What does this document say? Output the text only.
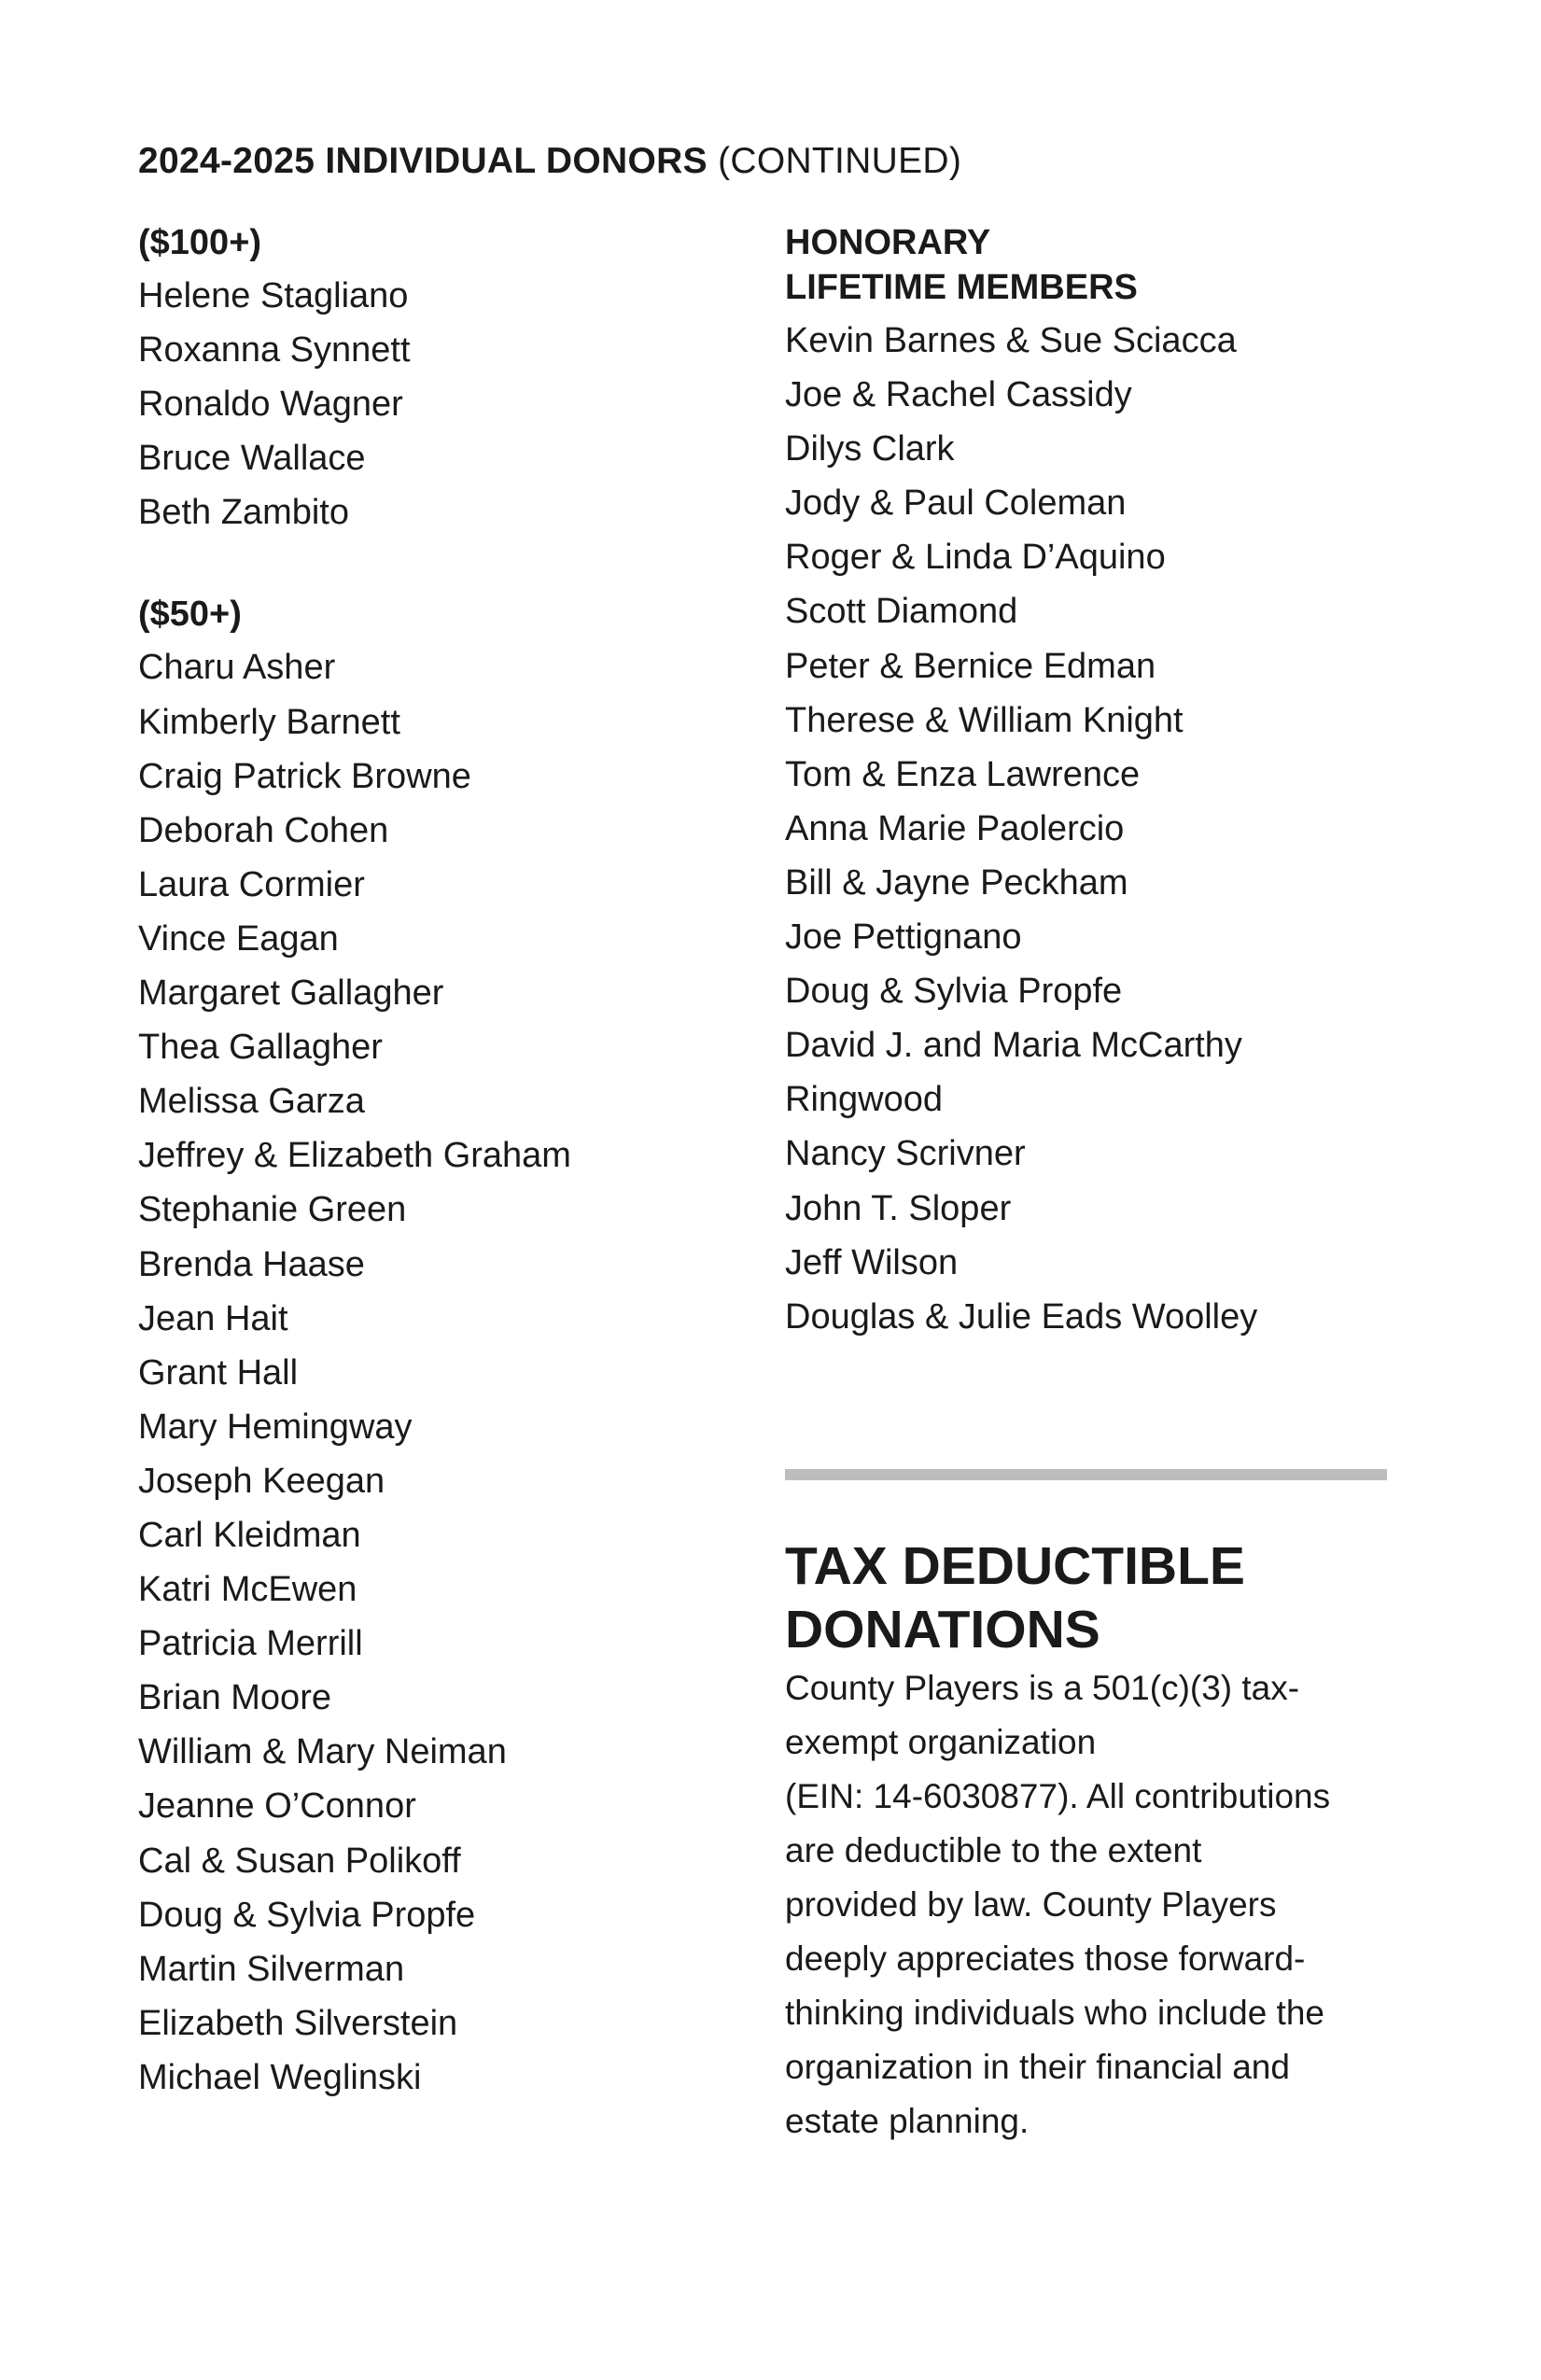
2024-2025 INDIVIDUAL DONORS (CONTINUED)
($100+)
Helene Stagliano
Roxanna Synnett
Ronaldo Wagner
Bruce Wallace
Beth Zambito
($50+)
Charu Asher
Kimberly Barnett
Craig Patrick Browne
Deborah Cohen
Laura Cormier
Vince Eagan
Margaret Gallagher
Thea Gallagher
Melissa Garza
Jeffrey & Elizabeth Graham
Stephanie Green
Brenda Haase
Jean Hait
Grant Hall
Mary Hemingway
Joseph Keegan
Carl Kleidman
Katri McEwen
Patricia Merrill
Brian Moore
William & Mary Neiman
Jeanne O’Connor
Cal & Susan Polikoff
Doug & Sylvia Propfe
Martin Silverman
Elizabeth Silverstein
Michael Weglinski
HONORARY
LIFETIME MEMBERS
Kevin Barnes & Sue Sciacca
Joe & Rachel Cassidy
Dilys Clark
Jody & Paul Coleman
Roger & Linda D’Aquino
Scott Diamond
Peter & Bernice Edman
Therese & William Knight
Tom & Enza Lawrence
Anna Marie Paolercio
Bill & Jayne Peckham
Joe Pettignano
Doug & Sylvia Propfe
David J. and Maria McCarthy
Ringwood
Nancy Scrivner
John T. Sloper
Jeff Wilson
Douglas & Julie Eads Woolley
TAX DEDUCTIBLE
DONATIONS

County Players is a 501(c)(3) tax-
exempt organization
(EIN: 14-6030877). All contributions
are deductible to the extent
provided by law. County Players
deeply appreciates those forward-
thinking individuals who include the
organization in their financial and
estate planning.
